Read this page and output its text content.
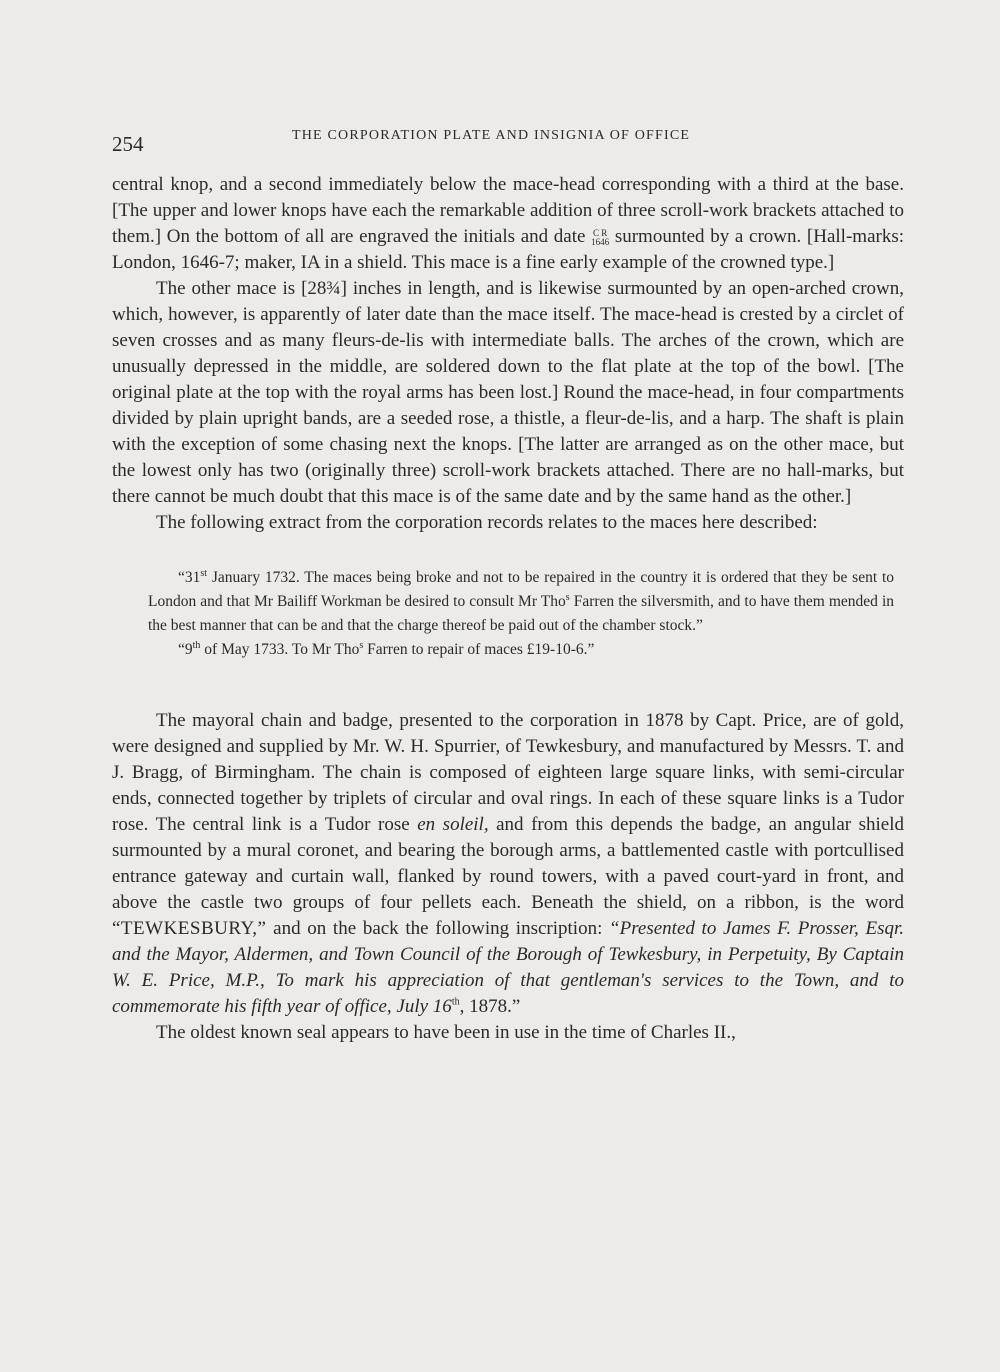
254	THE CORPORATION PLATE AND INSIGNIA OF OFFICE

central knop, and a second immediately below the mace-head corresponding with a third at the base. [The upper and lower knops have each the remarkable addition of three scroll-work brackets attached to them.] On the bottom of all are engraved the initials and date C R
1646 surmounted by a crown. [Hall-marks: London, 1646-7; maker, IA in a shield. This mace is a fine early example of the crowned type.]

The other mace is [28¾] inches in length, and is likewise surmounted by an open-arched crown, which, however, is apparently of later date than the mace itself. The mace-head is crested by a circlet of seven crosses and as many fleurs-de-lis with intermediate balls. The arches of the crown, which are unusually depressed in the middle, are soldered down to the flat plate at the top of the bowl. [The original plate at the top with the royal arms has been lost.] Round the mace-head, in four compartments divided by plain upright bands, are a seeded rose, a thistle, a fleur-de-lis, and a harp. The shaft is plain with the exception of some chasing next the knops. [The latter are arranged as on the other mace, but the lowest only has two (originally three) scroll-work brackets attached. There are no hall-marks, but there cannot be much doubt that this mace is of the same date and by the same hand as the other.]

The following extract from the corporation records relates to the maces here described:

“31st January 1732. The maces being broke and not to be repaired in the country it is ordered that they be sent to London and that Mr Bailiff Workman be desired to consult Mr Tho$^s$ Farren the silversmith, and to have them mended in the best manner that can be and that the charge thereof be paid out of the chamber stock.”

“9th of May 1733. To Mr Tho$^s$ Farren to repair of maces £19-10-6.”

The mayoral chain and badge, presented to the corporation in 1878 by Capt. Price, are of gold, were designed and supplied by Mr. W. H. Spurrier, of Tewkesbury, and manufactured by Messrs. T. and J. Bragg, of Birmingham. The chain is composed of eighteen large square links, with semi-circular ends, connected together by triplets of circular and oval rings. In each of these square links is a Tudor rose. The central link is a Tudor rose en soleil, and from this depends the badge, an angular shield surmounted by a mural coronet, and bearing the borough arms, a battlemented castle with portcullised entrance gateway and curtain wall, flanked by round towers, with a paved court-yard in front, and above the castle two groups of four pellets each. Beneath the shield, on a ribbon, is the word “TEWKESBURY,” and on the back the following inscription: “Presented to James F. Prosser, Esqr. and the Mayor, Aldermen, and Town Council of the Borough of Tewkesbury, in Perpetuity, By Captain W. E. Price, M.P., To mark his appreciation of that gentleman's services to the Town, and to commemorate his fifth year of office, July 16th, 1878.”

The oldest known seal appears to have been in use in the time of Charles II.,
